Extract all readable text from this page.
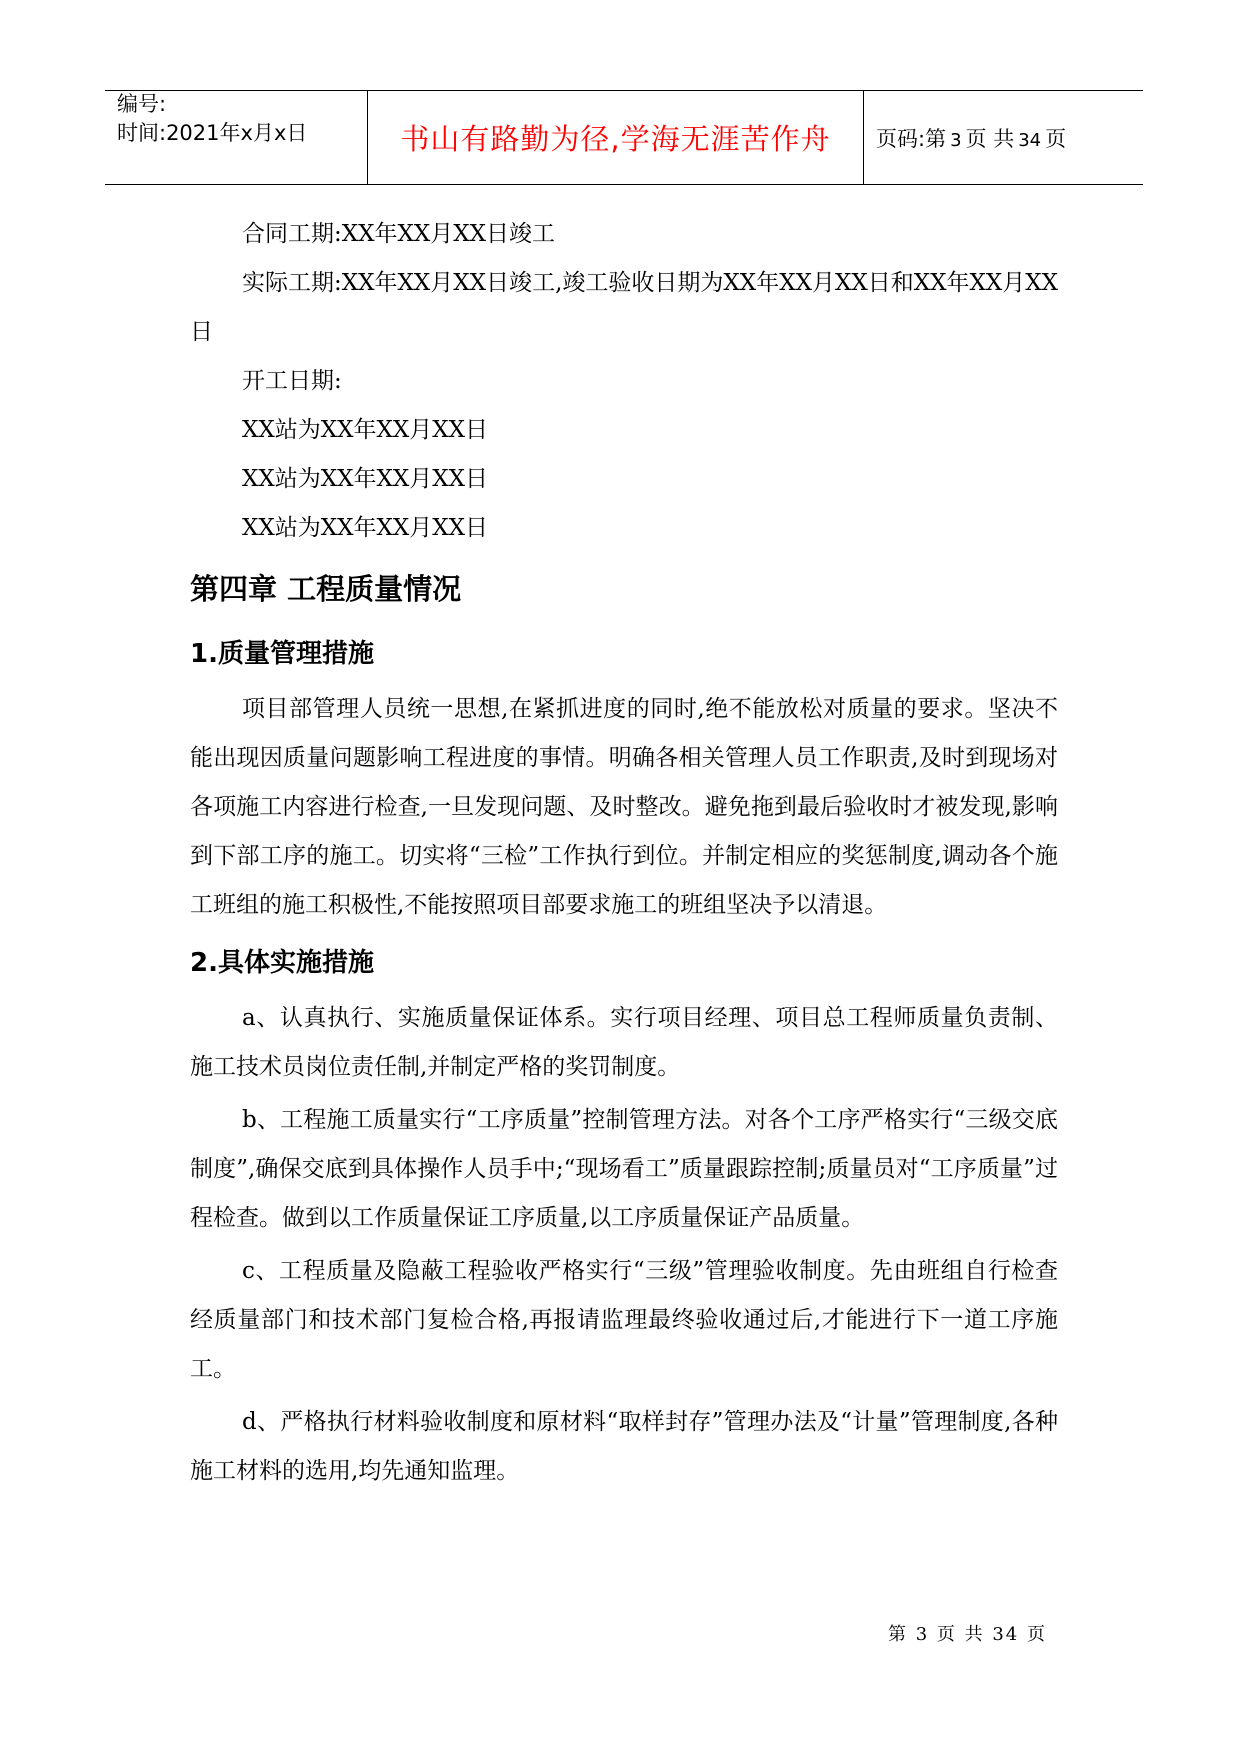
编号:
时间:2021年x月x日	书山有路勤为径,学海无涯苦作舟 页码:第 3 页 共 34 页

合同工期:XX年XX月XX日竣工

实际工期:XX年XX月XX日竣工,竣工验收日期为XX年XX月XX日和XX年XX月XX日

开工日期:

XX站为XX年XX月XX日

XX站为XX年XX月XX日

XX站为XX年XX月XX日

第四章 工程质量情况
1.质量管理措施

项目部管理人员统一思想,在紧抓进度的同时,绝不能放松对质量的要求。坚决不能出现因质量问题影响工程进度的事情。明确各相关管理人员工作职责,及时到现场对各项施工内容进行检查,一旦发现问题、及时整改。避免拖到最后验收时才被发现,影响到下部工序的施工。切实将“三检”工作执行到位。并制定相应的奖惩制度,调动各个施工班组的施工积极性,不能按照项目部要求施工的班组坚决予以清退。

2.具体实施措施

a、认真执行、实施质量保证体系。实行项目经理、项目总工程师质量负责制、施工技术员岗位责任制,并制定严格的奖罚制度。

b、工程施工质量实行“工序质量”控制管理方法。对各个工序严格实行“三级交底制度”,确保交底到具体操作人员手中;“现场看工”质量跟踪控制;质量员对“工序质量”过程检查。做到以工作质量保证工序质量,以工序质量保证产品质量。

c、工程质量及隐蔽工程验收严格实行“三级”管理验收制度。先由班组自行检查经质量部门和技术部门复检合格,再报请监理最终验收通过后,才能进行下一道工序施工。

d、严格执行材料验收制度和原材料“取样封存”管理办法及“计量”管理制度,各种施工材料的选用,均先通知监理。

第 3 页 共 34 页
